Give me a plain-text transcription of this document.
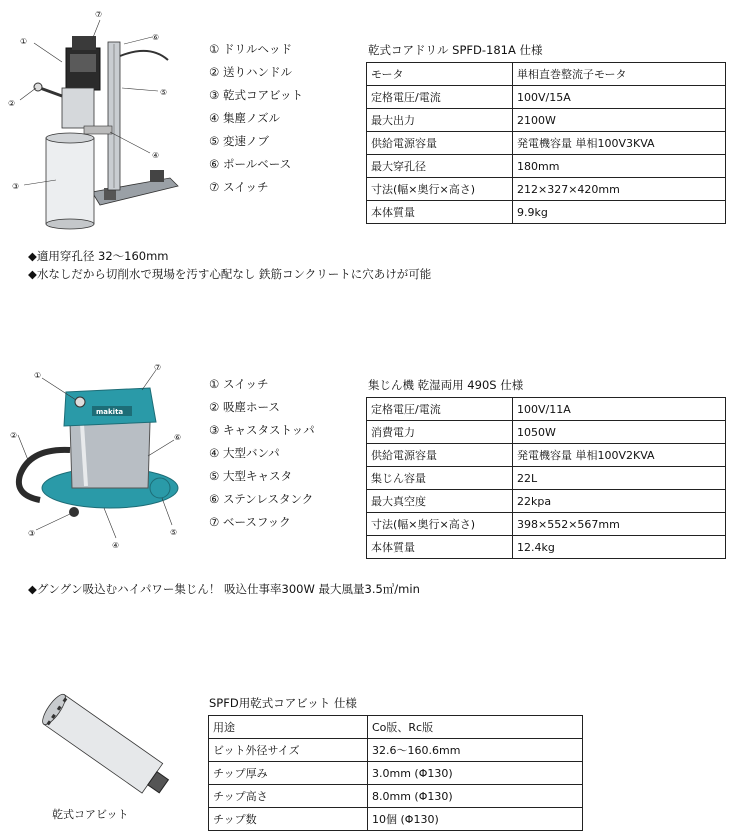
①
②
③
④
⑤
⑥
⑦
① ドリルヘッド
② 送りハンドル
③ 乾式コアビット
④ 集塵ノズル
⑤ 変速ノブ
⑥ ポールベース
⑦ スイッチ
乾式コアドリル SPFD-181A 仕様
モータ	単相直巻整流子モータ
定格電圧/電流	100V/15A
最大出力	2100W
供給電源容量	発電機容量 単相100V3KVA
最大穿孔径	180mm
寸法(幅×奥行×高さ)	212×327×420mm
本体質量	9.9kg
◆適用穿孔径 32～160mm
◆水なしだから切削水で現場を汚す心配なし 鉄筋コンクリートに穴あけが可能
makita
①
②
③
④
⑤
⑥
⑦
① スイッチ
② 吸塵ホース
③ キャスタストッパ
④ 大型バンパ
⑤ 大型キャスタ
⑥ ステンレスタンク
⑦ ベースフック
集じん機 乾湿両用 490S 仕様
定格電圧/電流	100V/11A
消費電力	1050W
供給電源容量	発電機容量 単相100V2KVA
集じん容量	22L
最大真空度	22kpa
寸法(幅×奥行×高さ)	398×552×567mm
本体質量	12.4kg
◆グングン吸込むハイパワー集じん！ 吸込仕事率300W 最大風量3.5㎥/min
乾式コアビット
SPFD用乾式コアビット 仕様
用途	Co版、Rc版
ビット外径サイズ	32.6～160.6mm
チップ厚み	3.0mm (Φ130)
チップ高さ	8.0mm (Φ130)
チップ数	10個 (Φ130)
